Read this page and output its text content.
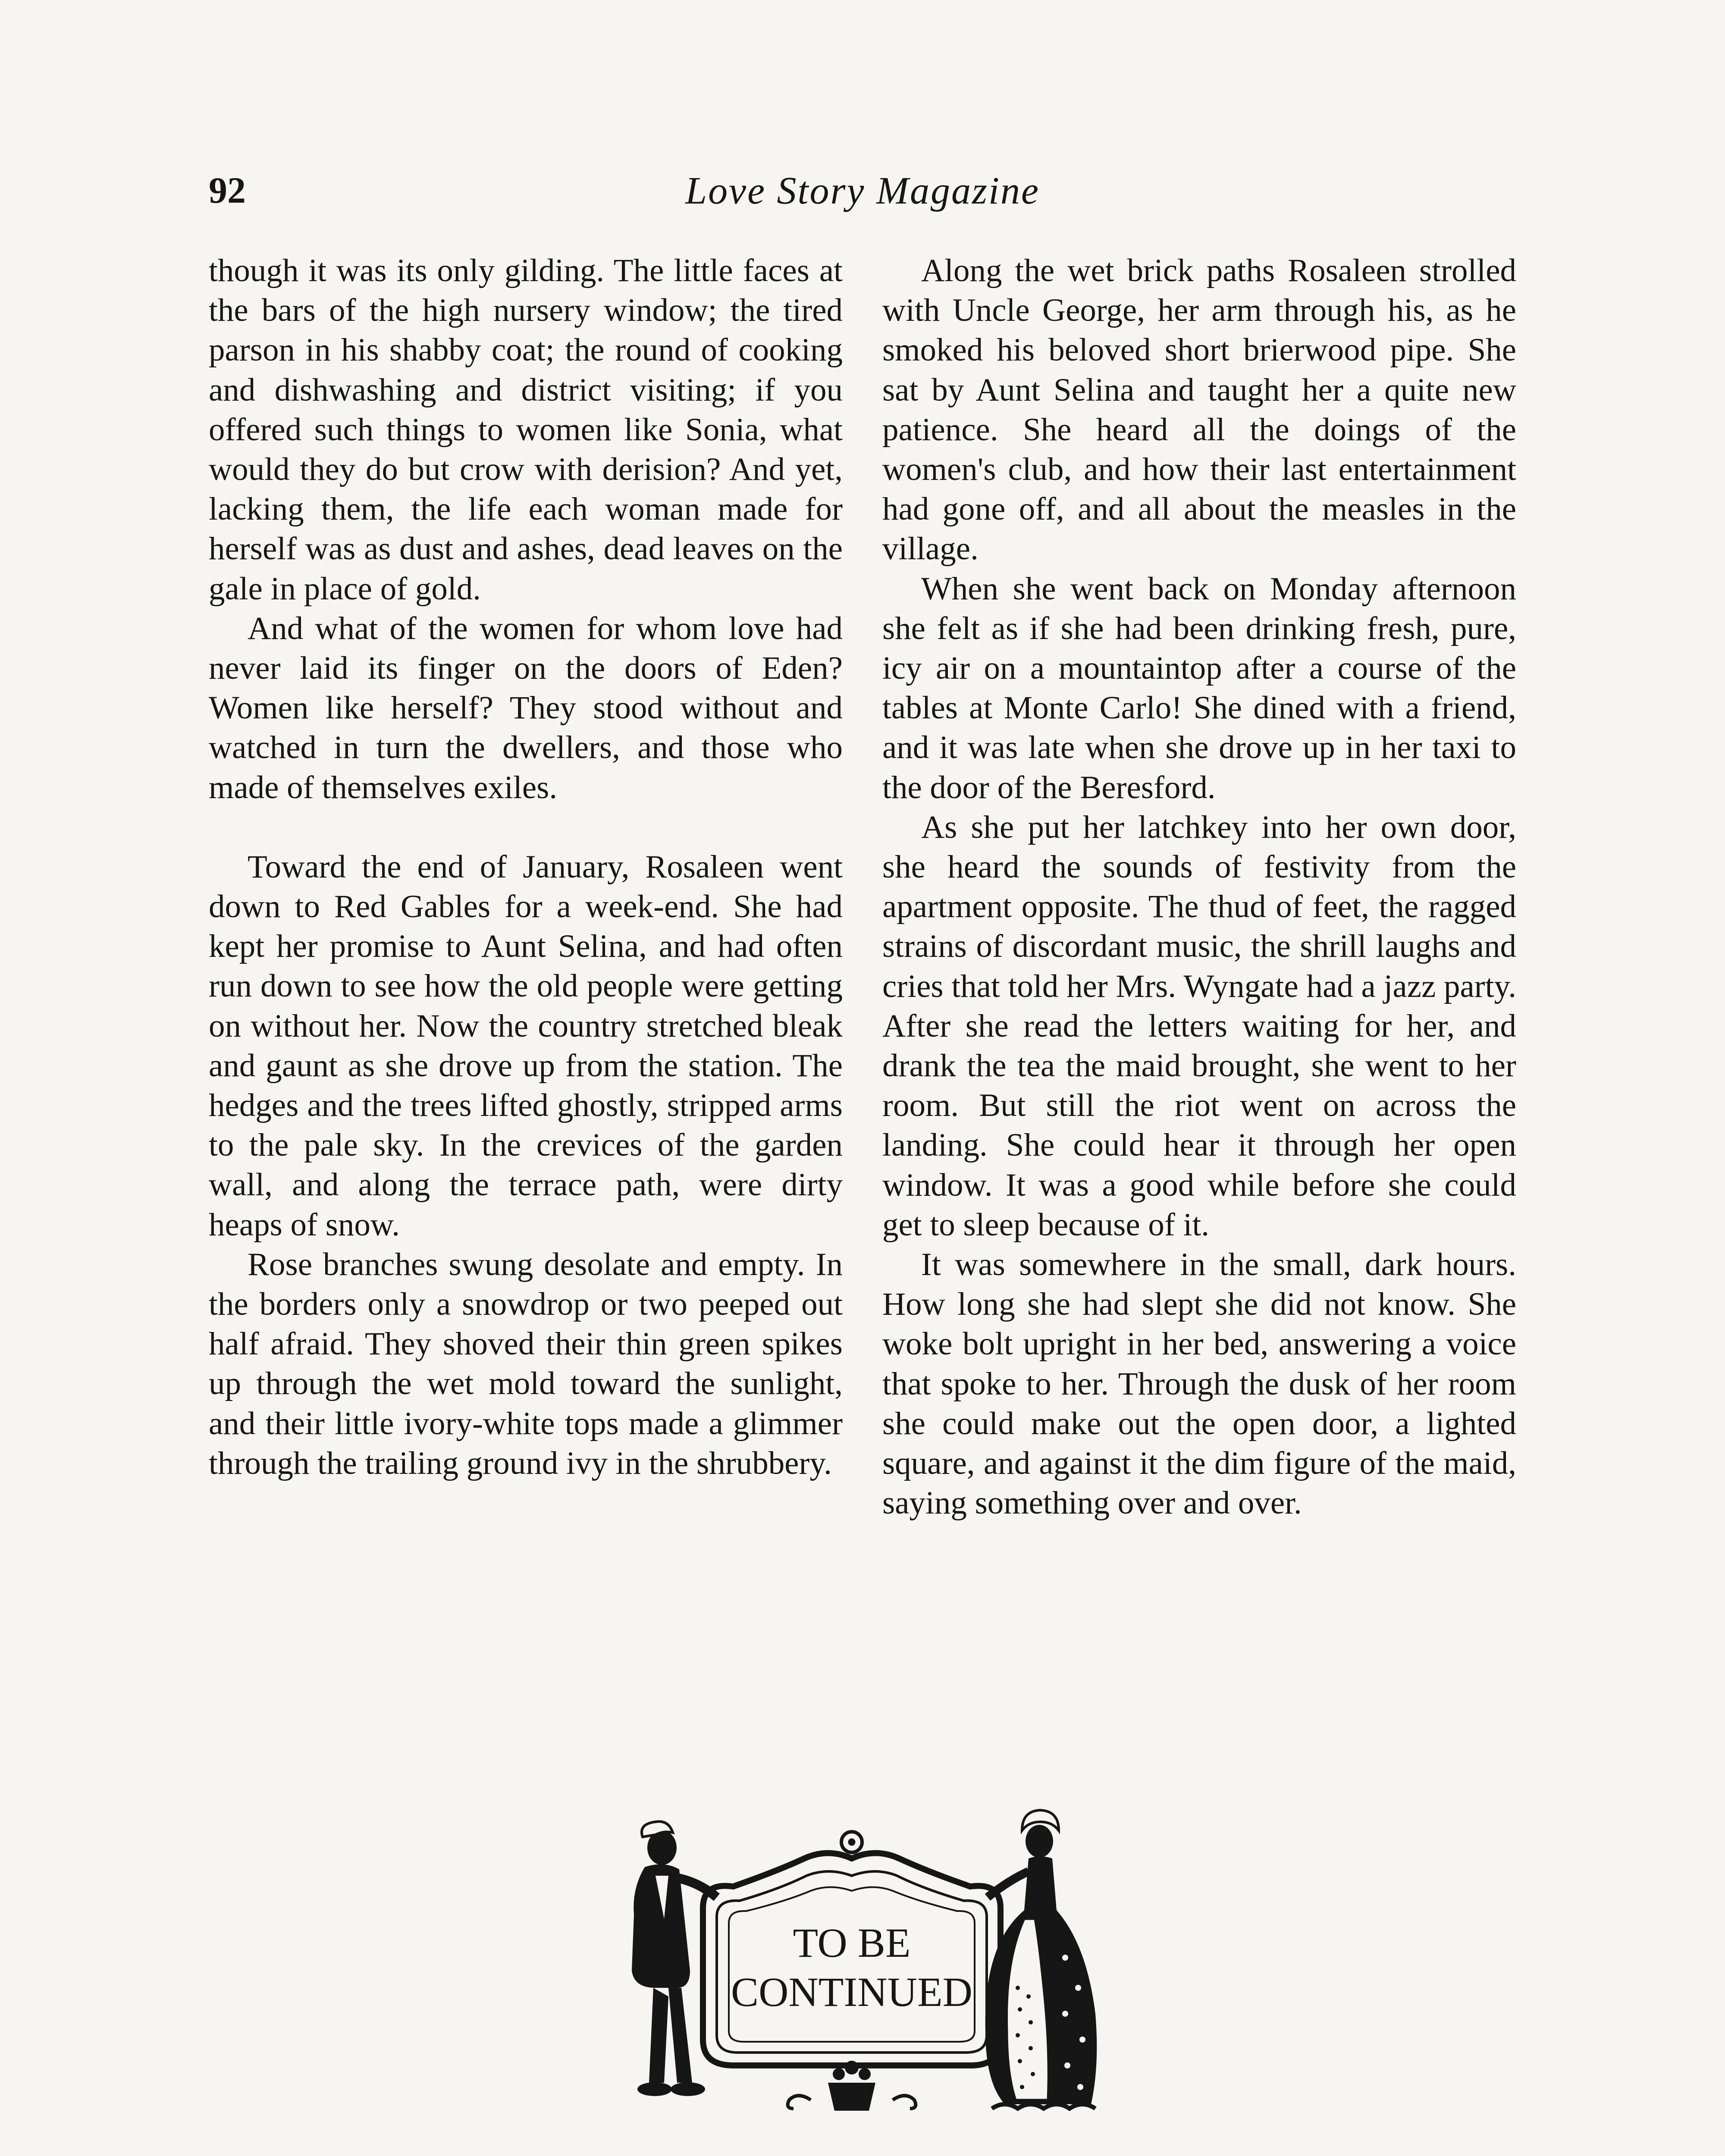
92	Love Story Magazine

though it was its only gilding. The little faces at the bars of the high nursery window; the tired parson in his shabby coat; the round of cooking and dishwashing and district visiting; if you offered such things to women like Sonia, what would they do but crow with derision? And yet, lacking them, the life each woman made for herself was as dust and ashes, dead leaves on the gale in place of gold.

And what of the women for whom love had never laid its finger on the doors of Eden? Women like herself? They stood without and watched in turn the dwellers, and those who made of themselves exiles.

Toward the end of January, Rosaleen went down to Red Gables for a week-end. She had kept her promise to Aunt Selina, and had often run down to see how the old people were getting on without her. Now the country stretched bleak and gaunt as she drove up from the station. The hedges and the trees lifted ghostly, stripped arms to the pale sky. In the crevices of the garden wall, and along the terrace path, were dirty heaps of snow.

Rose branches swung desolate and empty. In the borders only a snowdrop or two peeped out half afraid. They shoved their thin green spikes up through the wet mold toward the sunlight, and their little ivory-white tops made a glimmer through the trailing ground ivy in the shrubbery.

Along the wet brick paths Rosaleen strolled with Uncle George, her arm through his, as he smoked his beloved short brierwood pipe. She sat by Aunt Selina and taught her a quite new patience. She heard all the doings of the women's club, and how their last entertainment had gone off, and all about the measles in the village.

When she went back on Monday afternoon she felt as if she had been drinking fresh, pure, icy air on a mountaintop after a course of the tables at Monte Carlo! She dined with a friend, and it was late when she drove up in her taxi to the door of the Beresford.

As she put her latchkey into her own door, she heard the sounds of festivity from the apartment opposite. The thud of feet, the ragged strains of discordant music, the shrill laughs and cries that told her Mrs. Wyngate had a jazz party. After she read the letters waiting for her, and drank the tea the maid brought, she went to her room. But still the riot went on across the landing. She could hear it through her open window. It was a good while before she could get to sleep because of it.

It was somewhere in the small, dark hours. How long she had slept she did not know. She woke bolt upright in her bed, answering a voice that spoke to her. Through the dusk of her room she could make out the open door, a lighted square, and against it the dim figure of the maid, saying something over and over.

TO BE
CONTINUED
